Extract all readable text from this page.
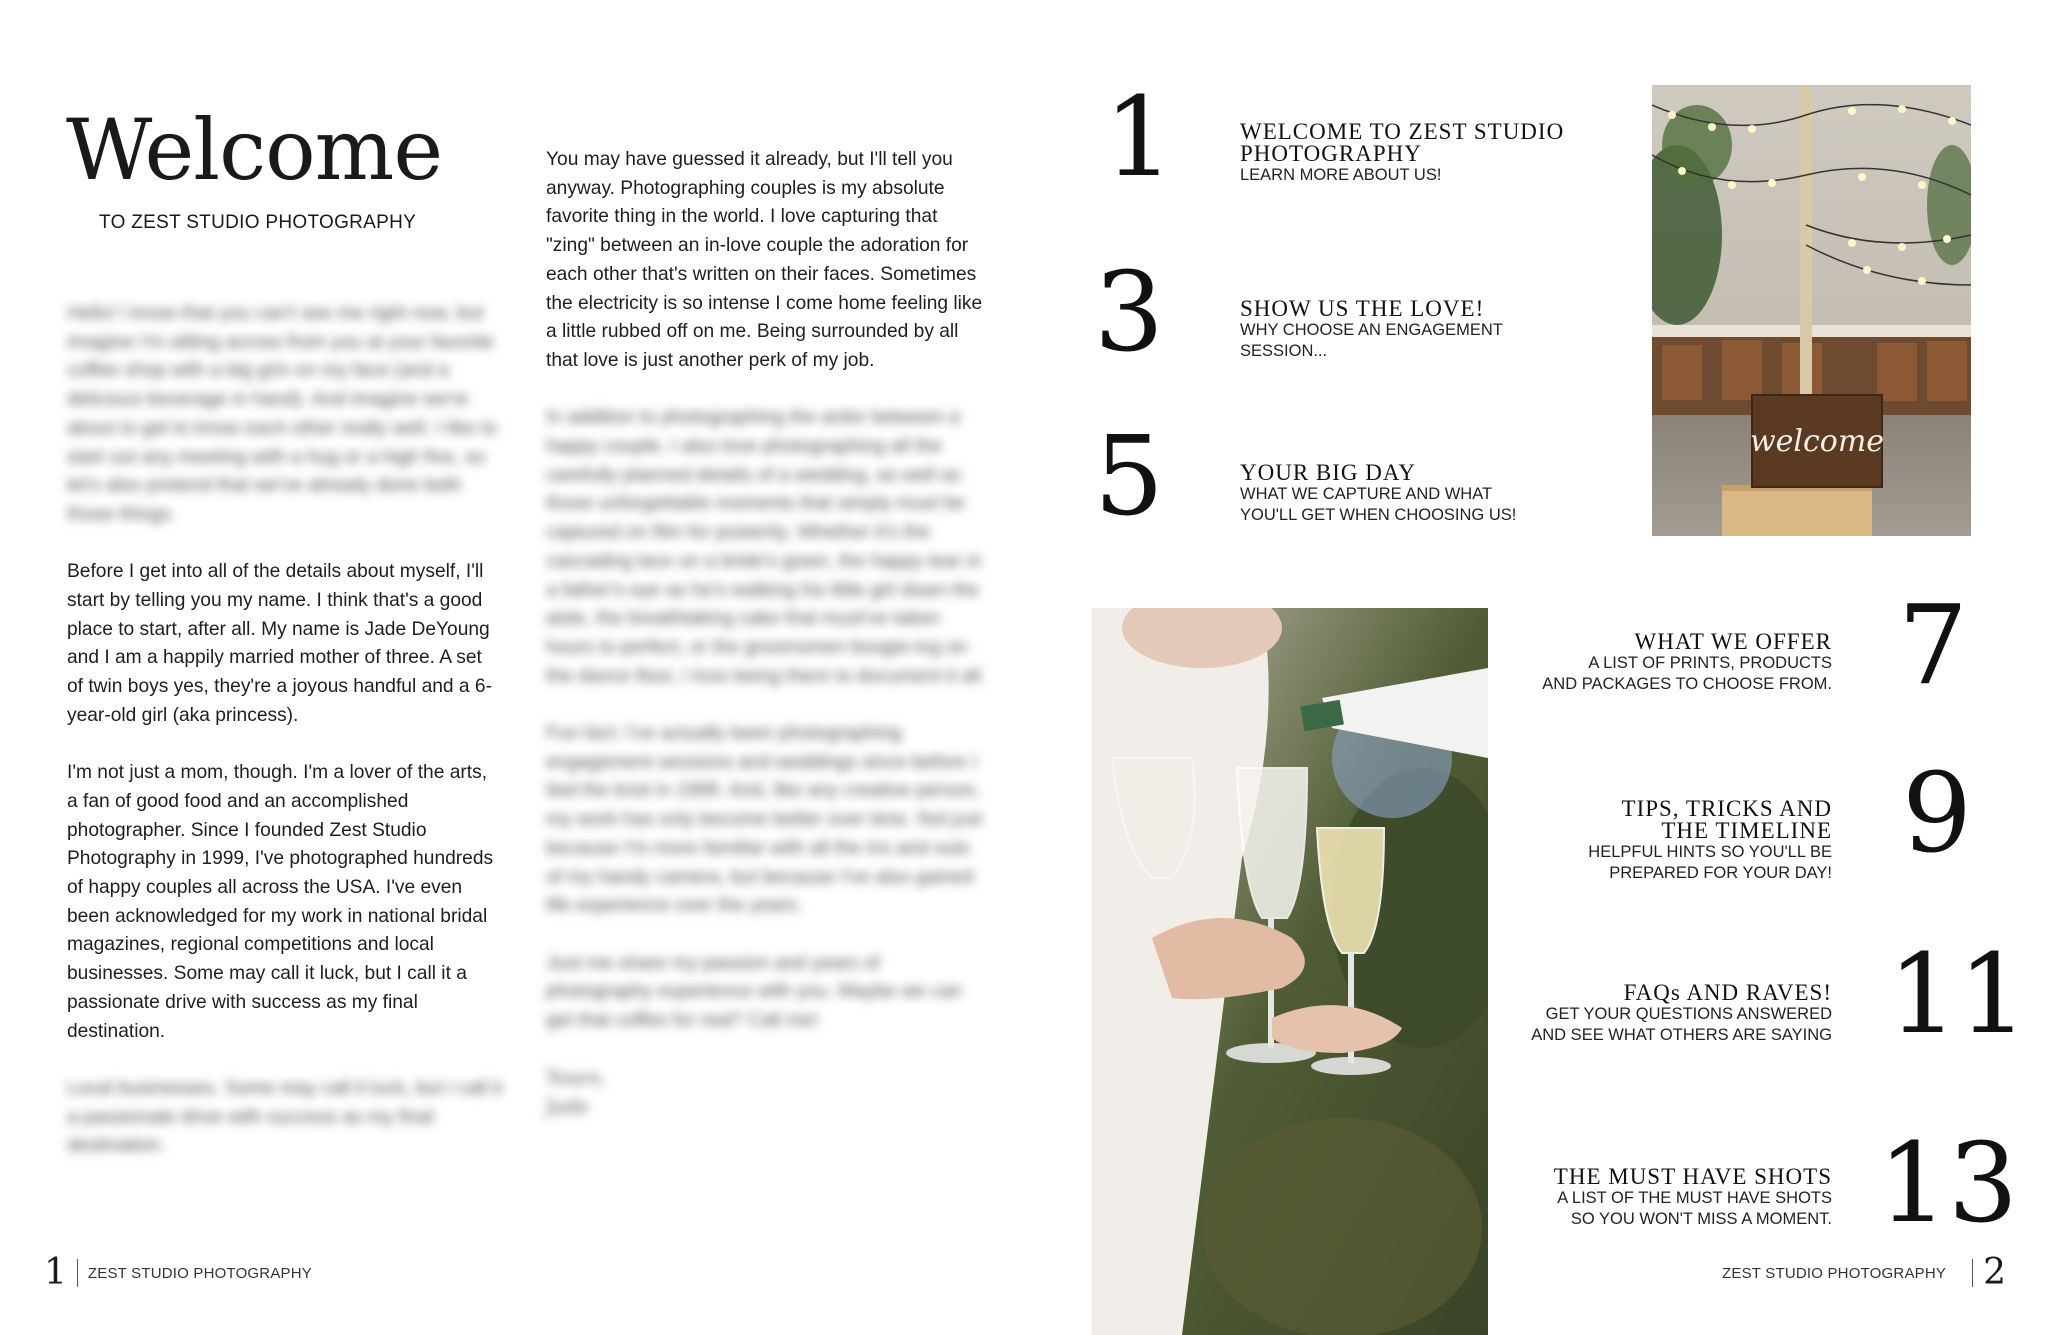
Welcome
TO ZEST STUDIO PHOTOGRAPHY

Hello! I know that you can't see me right now, but imagine I'm sitting across from you at your favorite coffee shop with a big grin on my face (and a delicious beverage in hand). And imagine we're about to get to know each other really well. I like to start out any meeting with a hug or a high five, so let's also pretend that we've already done both those things.

Before I get into all of the details about myself, I'll start by telling you my name. I think that's a good place to start, after all. My name is Jade DeYoung and I am a happily married mother of three. A set of twin boys yes, they're a joyous handful and a 6-year-old girl (aka princess).

I'm not just a mom, though. I'm a lover of the arts, a fan of good food and an accomplished photographer. Since I founded Zest Studio Photography in 1999, I've photographed hundreds of happy couples all across the USA. I've even been acknowledged for my work in national bridal magazines, regional competitions and local businesses. Some may call it luck, but I call it a passionate drive with success as my final destination.

Local businesses. Some may call it luck, but I call it a passionate drive with success as my final destination.

You may have guessed it already, but I'll tell you anyway. Photographing couples is my absolute favorite thing in the world. I love capturing that "zing" between an in-love couple the adoration for each other that's written on their faces. Sometimes the electricity is so intense I come home feeling like a little rubbed off on me. Being surrounded by all that love is just another perk of my job.

In addition to photographing the ardor between a happy couple, I also love photographing all the carefully planned details of a wedding, as well as those unforgettable moments that simply must be captured on film for posterity. Whether it's the cascading lace on a bride's gown, the happy tear in a father's eye as he's walking his little girl down the aisle, the breathtaking cake that must've taken hours to perfect, or the groomsmen boogie-ing on the dance floor, I love being there to document it all.

Fun fact: I've actually been photographing engagement sessions and weddings since before I tied the knot in 1999. And, like any creative person, my work has only become better over time. Not just because I'm more familiar with all the ins and outs of my handy camera, but because I've also gained life experience over the years.

Just me share my passion and years of photography experience with you. Maybe we can get that coffee for real? Call me!

Yours,
Jade
1 ZEST STUDIO PHOTOGRAPHY
welcome
1
3
5
7
9
11
13
WELCOME TO ZEST STUDIO
PHOTOGRAPHY
LEARN MORE ABOUT US!
SHOW US THE LOVE!
WHY CHOOSE AN ENGAGEMENT
SESSION...
YOUR BIG DAY
WHAT WE CAPTURE AND WHAT
YOU'LL GET WHEN CHOOSING US!
WHAT WE OFFER
A LIST OF PRINTS, PRODUCTS
AND PACKAGES TO CHOOSE FROM.
TIPS, TRICKS AND
THE TIMELINE
HELPFUL HINTS SO YOU'LL BE
PREPARED FOR YOUR DAY!
FAQs AND RAVES!
GET YOUR QUESTIONS ANSWERED
AND SEE WHAT OTHERS ARE SAYING
THE MUST HAVE SHOTS
A LIST OF THE MUST HAVE SHOTS
SO YOU WON'T MISS A MOMENT.
ZEST STUDIO PHOTOGRAPHY 2
